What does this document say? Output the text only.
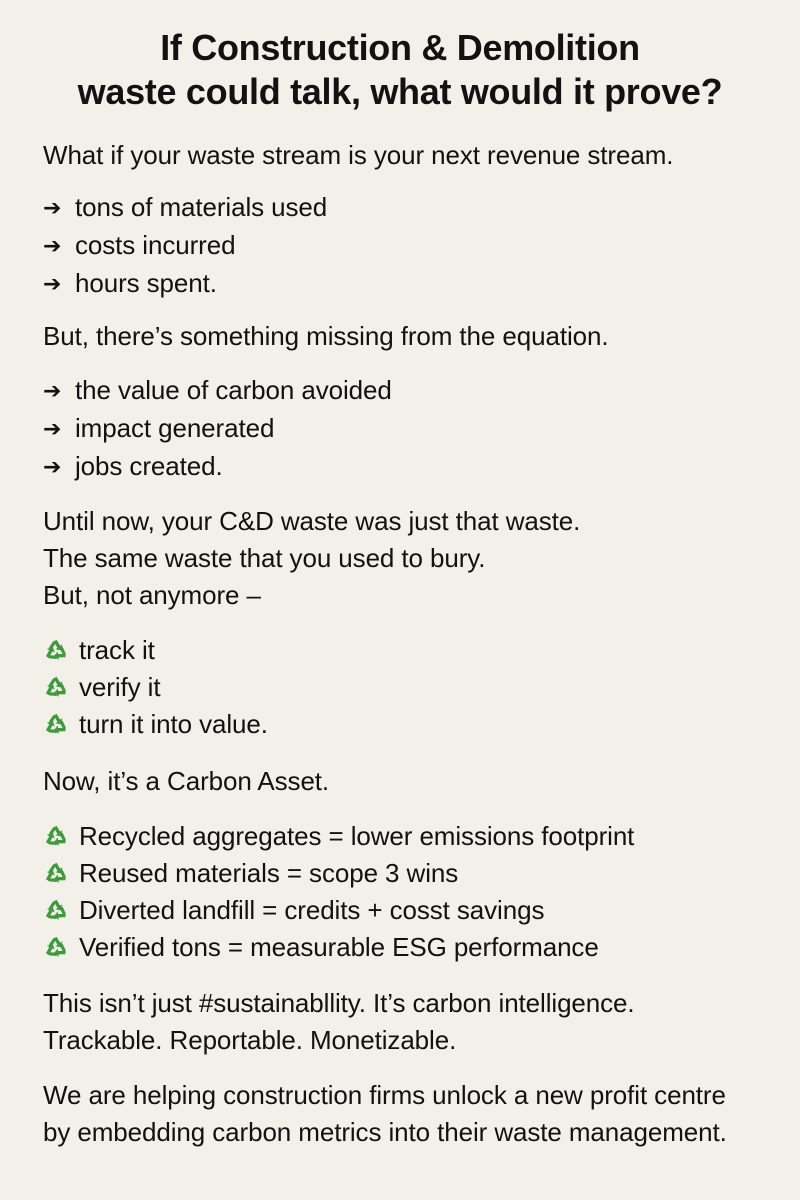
If Construction & Demolition
waste could talk, what would it prove?
What if your waste stream is your next revenue stream.
➔ tons of materials used
➔ costs incurred
➔ hours spent.
But, there’s something missing from the equation.
➔ the value of carbon avoided
➔ impact generated
➔ jobs created.
Until now, your C&D waste was just that waste.
The same waste that you used to bury.
But, not anymore –
track it
verify it
turn it into value.
Now, it’s a Carbon Asset.
Recycled aggregates = lower emissions footprint
Reused materials = scope 3 wins
Diverted landfill = credits + cosst savings
Verified tons = measurable ESG performance
This isn’t just #sustainabllity. It’s carbon intelligence.
Trackable. Reportable. Monetizable.
We are helping construction firms unlock a new profit centre by embedding carbon metrics into their waste management.
